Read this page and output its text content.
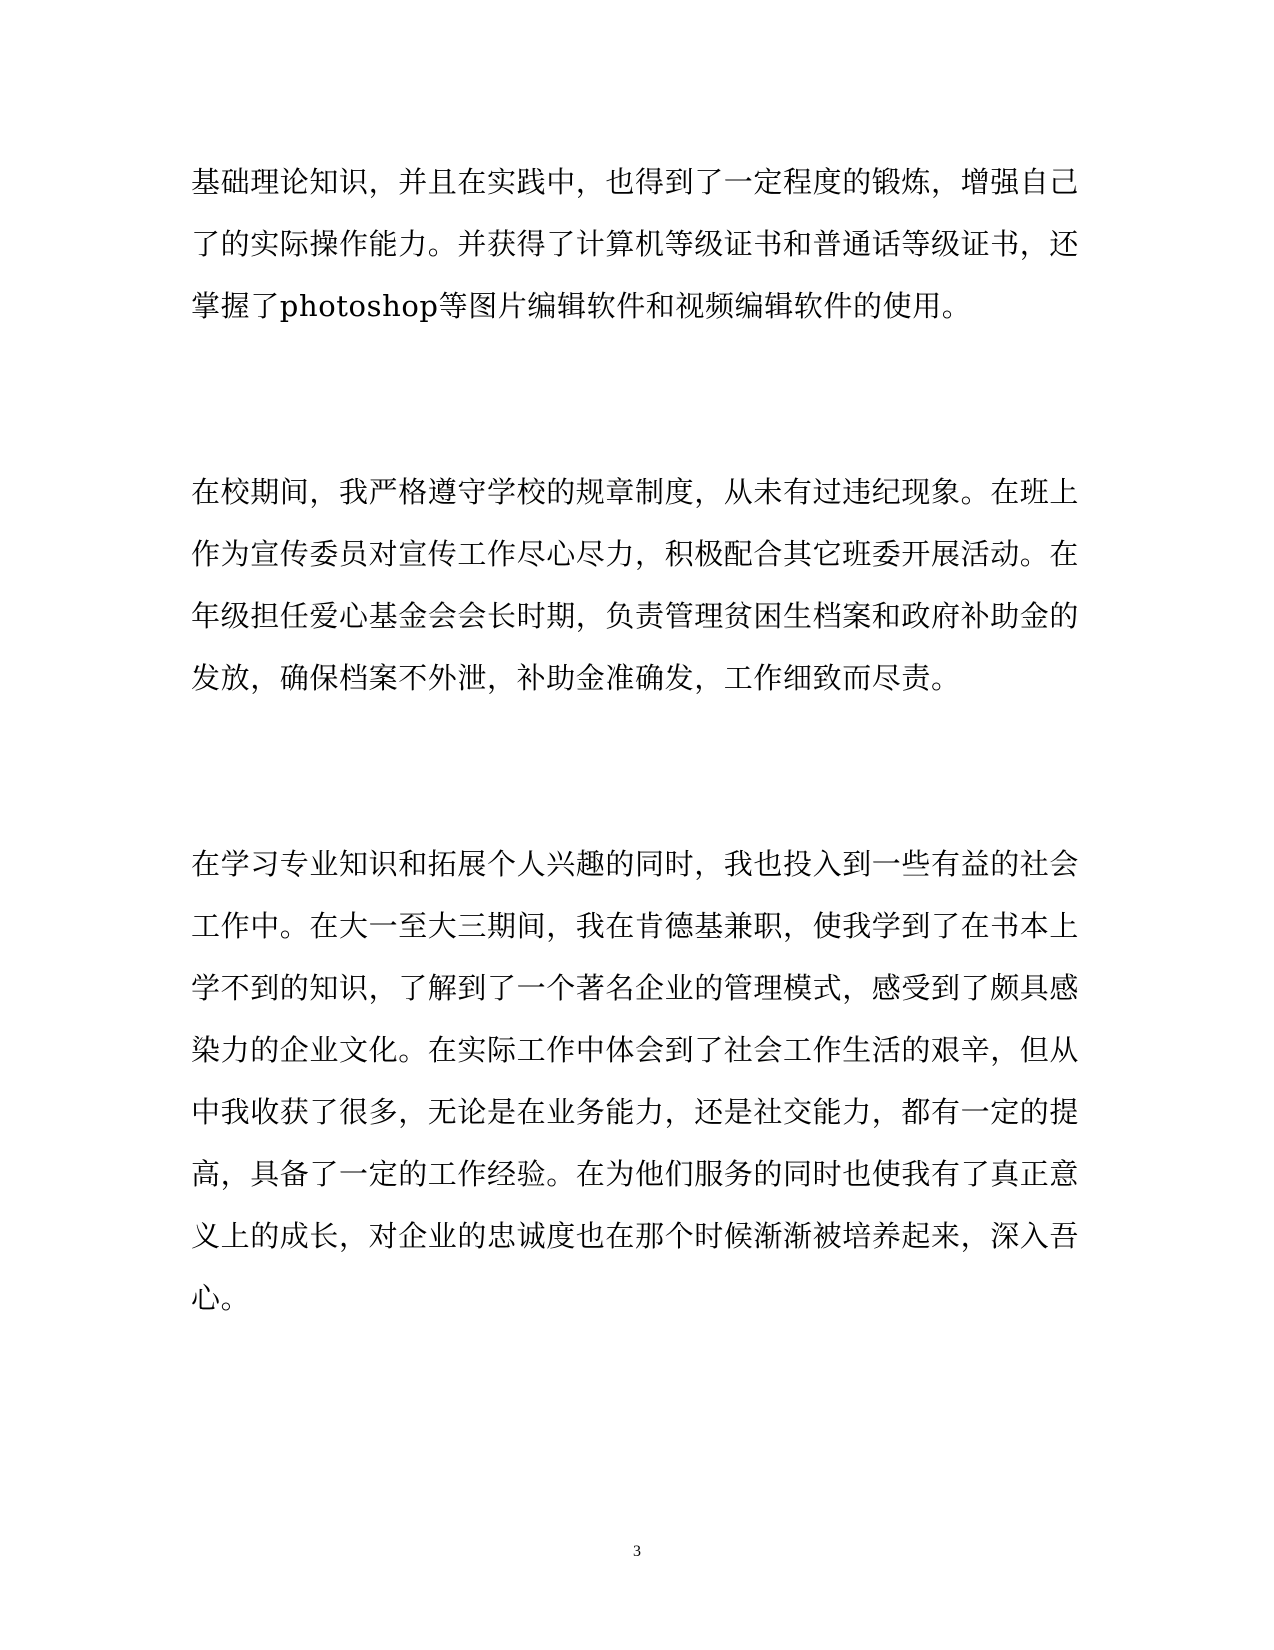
基础理论知识，并且在实践中，也得到了一定程度的锻炼，增强自己
了的实际操作能力。并获得了计算机等级证书和普通话等级证书，还
掌握了photoshop等图片编辑软件和视频编辑软件的使用。
在校期间，我严格遵守学校的规章制度，从未有过违纪现象。在班上
作为宣传委员对宣传工作尽心尽力，积极配合其它班委开展活动。在
年级担任爱心基金会会长时期，负责管理贫困生档案和政府补助金的
发放，确保档案不外泄，补助金准确发，工作细致而尽责。
在学习专业知识和拓展个人兴趣的同时，我也投入到一些有益的社会
工作中。在大一至大三期间，我在肯德基兼职，使我学到了在书本上
学不到的知识，了解到了一个著名企业的管理模式，感受到了颇具感
染力的企业文化。在实际工作中体会到了社会工作生活的艰辛，但从
中我收获了很多，无论是在业务能力，还是社交能力，都有一定的提
高，具备了一定的工作经验。在为他们服务的同时也使我有了真正意
义上的成长，对企业的忠诚度也在那个时候渐渐被培养起来，深入吾
心。
3
